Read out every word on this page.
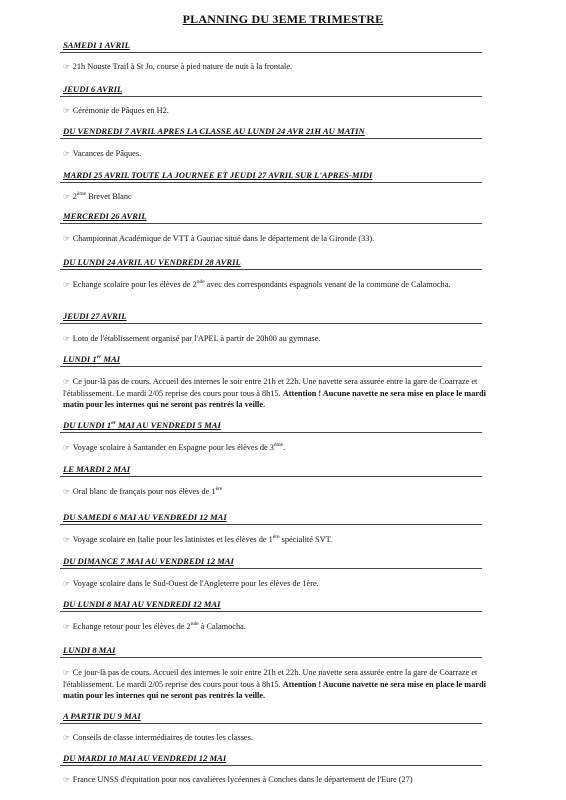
PLANNING DU 3EME TRIMESTRE
SAMEDI 1 AVRIL
☞ 21h Nouste Trail à St Jo, course à pied nature de nuit à la frontale.
JEUDI 6 AVRIL
☞ Cérémonie de Pâques en H2.
DU VENDREDI 7 AVRIL APRES LA CLASSE AU LUNDI 24 AVR 21H AU MATIN
☞ Vacances de Pâques.
MARDI 25 AVRIL TOUTE LA JOURNEE ET JEUDI 27 AVRIL SUR L'APRES-MIDI
☞ 2ème Brevet Blanc
MERCREDI 26 AVRIL
☞ Championnat Académique de VTT à Gauriac situé dans le département de la Gironde (33).
DU LUNDI 24 AVRIL AU VENDREDI 28 AVRIL
☞ Echange scolaire pour les élèves de 2nde avec des correspondants espagnols venant de la commune de Calamocha.
JEUDI 27 AVRIL
☞ Loto de l'établissement organisé par l'APEL à partir de 20h00 au gymnase.
LUNDI 1er MAI
☞ Ce jour-là pas de cours. Accueil des internes le soir entre 21h et 22h. Une navette sera assurée entre la gare de Coarraze et l'établissement. Le mardi 2/05 reprise des cours pour tous à 8h15. Attention ! Aucune navette ne sera mise en place le mardi matin pour les internes qui ne seront pas rentrés la veille.
DU LUNDI 1er MAI AU VENDREDI 5 MAI
☞ Voyage scolaire à Santander en Espagne pour les élèves de 3ème.
LE MARDI 2 MAI
☞ Oral blanc de français pour nos élèves de 1ère
DU SAMEDI 6 MAI AU VENDREDI 12 MAI
☞ Voyage scolaire en Italie pour les latinistes et les élèves de 1ère spécialité SVT.
DU DIMANCE 7 MAI AU VENDREDI 12 MAI
☞ Voyage scolaire dans le Sud-Ouest de l'Angleterre pour les élèves de 1ère.
DU LUNDI 8 MAI AU VENDREDI 12 MAI
☞ Echange retour pour les élèves de 2nde à Calamocha.
LUNDI 8 MAI
☞ Ce jour-là pas de cours. Accueil des internes le soir entre 21h et 22h. Une navette sera assurée entre la gare de Coarraze et l'établissement. Le mardi 2/05 reprise des cours pour tous à 8h15. Attention ! Aucune navette ne sera mise en place le mardi matin pour les internes qui ne seront pas rentrés la veille.
A PARTIR DU 9 MAI
☞ Conseils de classe intermédiaires de toutes les classes.
DU MARDI 10 MAI AU VENDREDI 12 MAI
☞ France UNSS d'équitation pour nos cavalières lycéennes à Conches dans le département de l'Eure (27)
